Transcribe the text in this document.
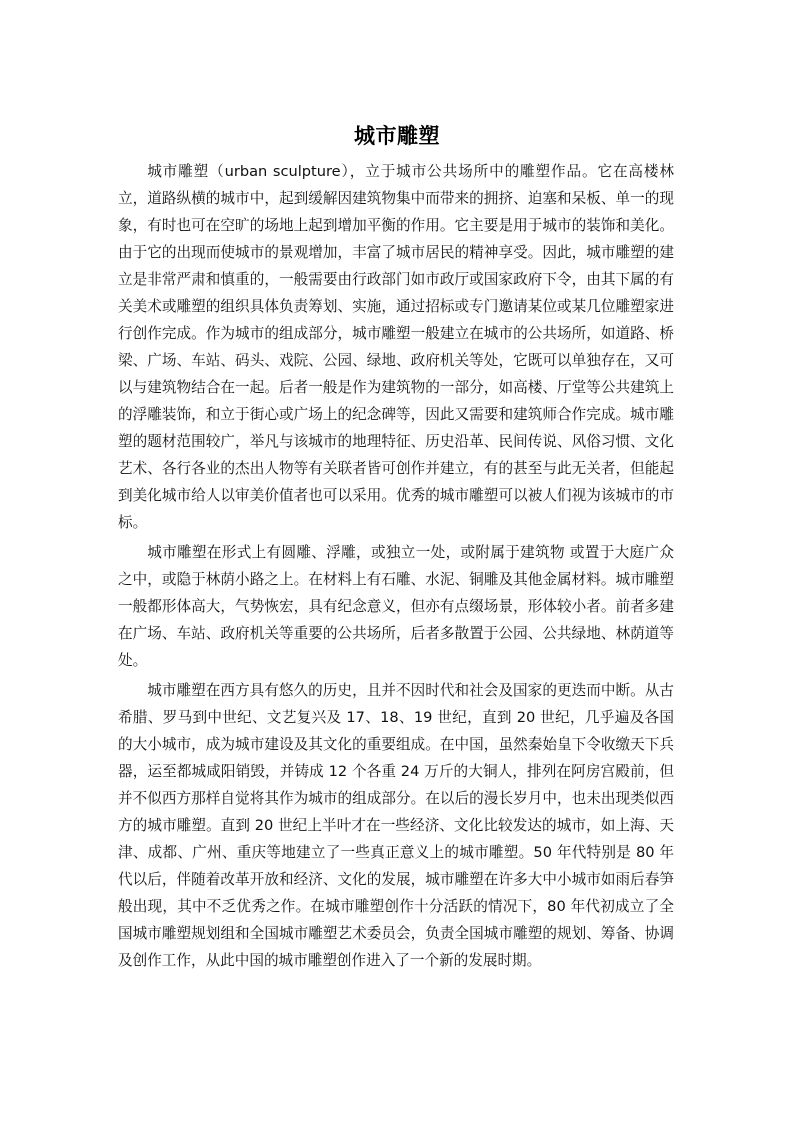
城市雕塑

城市雕塑（urban sculpture），立于城市公共场所中的雕塑作品。它在高楼林立，道路纵横的城市中，起到缓解因建筑物集中而带来的拥挤、迫塞和呆板、单一的现象，有时也可在空旷的场地上起到增加平衡的作用。它主要是用于城市的装饰和美化。由于它的出现而使城市的景观增加，丰富了城市居民的精神享受。因此，城市雕塑的建立是非常严肃和慎重的，一般需要由行政部门如市政厅或国家政府下令，由其下属的有关美术或雕塑的组织具体负责筹划、实施，通过招标或专门邀请某位或某几位雕塑家进行创作完成。作为城市的组成部分，城市雕塑一般建立在城市的公共场所，如道路、桥梁、广场、车站、码头、戏院、公园、绿地、政府机关等处，它既可以单独存在，又可以与建筑物结合在一起。后者一般是作为建筑物的一部分，如高楼、厅堂等公共建筑上的浮雕装饰，和立于街心或广场上的纪念碑等，因此又需要和建筑师合作完成。城市雕塑的题材范围较广，举凡与该城市的地理特征、历史沿革、民间传说、风俗习惯、文化艺术、各行各业的杰出人物等有关联者皆可创作并建立，有的甚至与此无关者，但能起到美化城市给人以审美价值者也可以采用。优秀的城市雕塑可以被人们视为该城市的市标。

城市雕塑在形式上有圆雕、浮雕，或独立一处，或附属于建筑物 或置于大庭广众之中，或隐于林荫小路之上。在材料上有石雕、水泥、铜雕及其他金属材料。城市雕塑一般都形体高大，气势恢宏，具有纪念意义，但亦有点缀场景，形体较小者。前者多建在广场、车站、政府机关等重要的公共场所，后者多散置于公园、公共绿地、林荫道等处。

城市雕塑在西方具有悠久的历史，且并不因时代和社会及国家的更迭而中断。从古希腊、罗马到中世纪、文艺复兴及 17、18、19 世纪，直到 20 世纪，几乎遍及各国的大小城市，成为城市建设及其文化的重要组成。在中国，虽然秦始皇下令收缴天下兵器，运至都城咸阳销毁，并铸成 12 个各重 24 万斤的大铜人，排列在阿房宫殿前，但并不似西方那样自觉将其作为城市的组成部分。在以后的漫长岁月中，也未出现类似西方的城市雕塑。直到 20 世纪上半叶才在一些经济、文化比较发达的城市，如上海、天津、成都、广州、重庆等地建立了一些真正意义上的城市雕塑。50 年代特别是 80 年代以后，伴随着改革开放和经济、文化的发展，城市雕塑在许多大中小城市如雨后春笋般出现，其中不乏优秀之作。在城市雕塑创作十分活跃的情况下，80 年代初成立了全国城市雕塑规划组和全国城市雕塑艺术委员会，负责全国城市雕塑的规划、筹备、协调及创作工作，从此中国的城市雕塑创作进入了一个新的发展时期。
